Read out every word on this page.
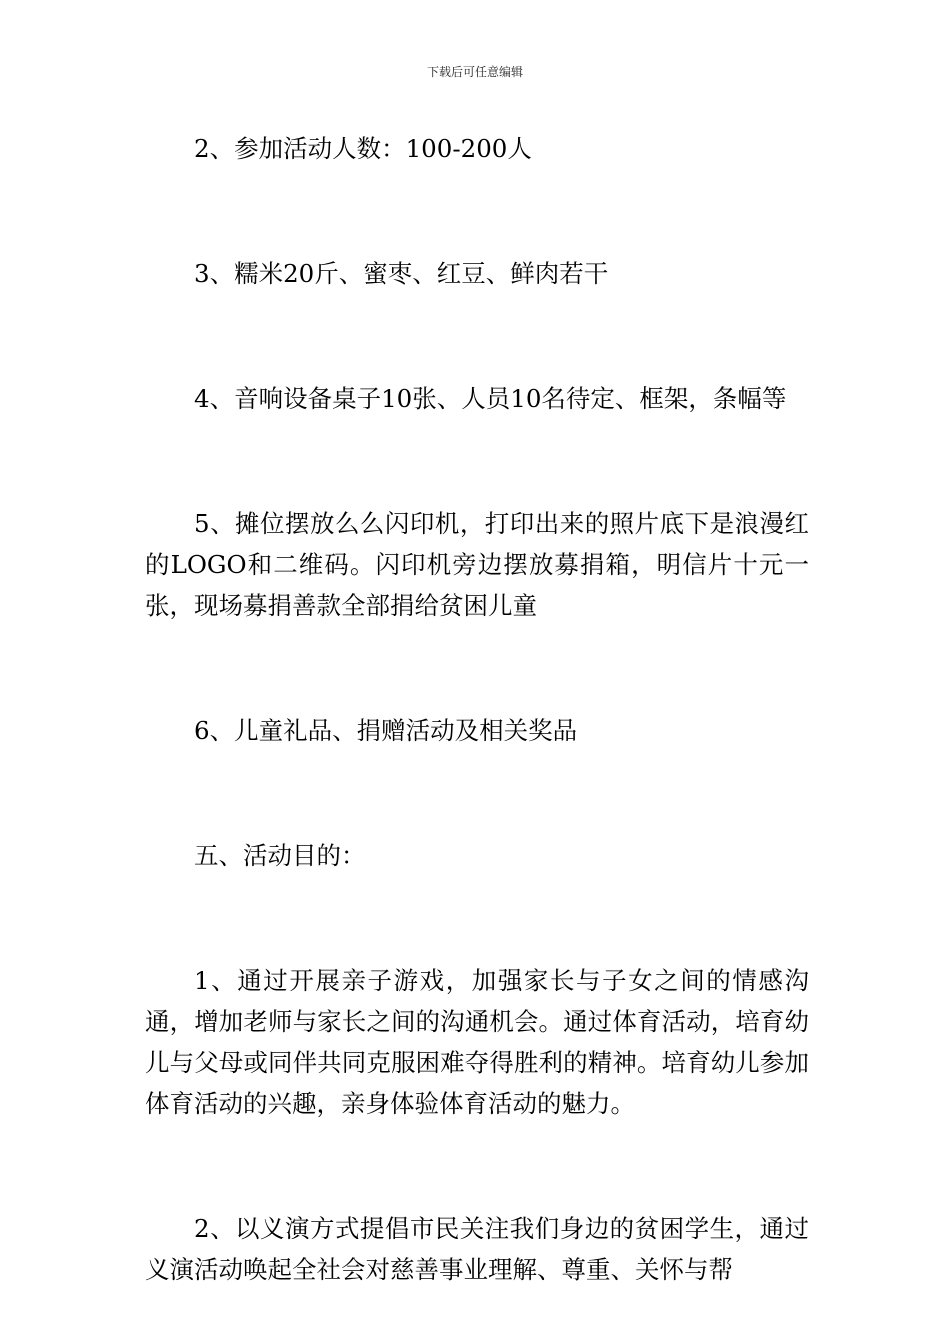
下载后可任意编辑

2、参加活动人数：100-200人

3、糯米20斤、蜜枣、红豆、鲜肉若干

4、音响设备桌子10张、人员10名待定、框架，条幅等

5、摊位摆放么么闪印机，打印出来的照片底下是浪漫红的LOGO和二维码。闪印机旁边摆放募捐箱，明信片十元一张，现场募捐善款全部捐给贫困儿童

6、儿童礼品、捐赠活动及相关奖品

五、活动目的：

1、通过开展亲子游戏，加强家长与子女之间的情感沟通，增加老师与家长之间的沟通机会。通过体育活动，培育幼儿与父母或同伴共同克服困难夺得胜利的精神。培育幼儿参加体育活动的兴趣，亲身体验体育活动的魅力。

2、以义演方式提倡市民关注我们身边的贫困学生，通过义演活动唤起全社会对慈善事业理解、尊重、关怀与帮
